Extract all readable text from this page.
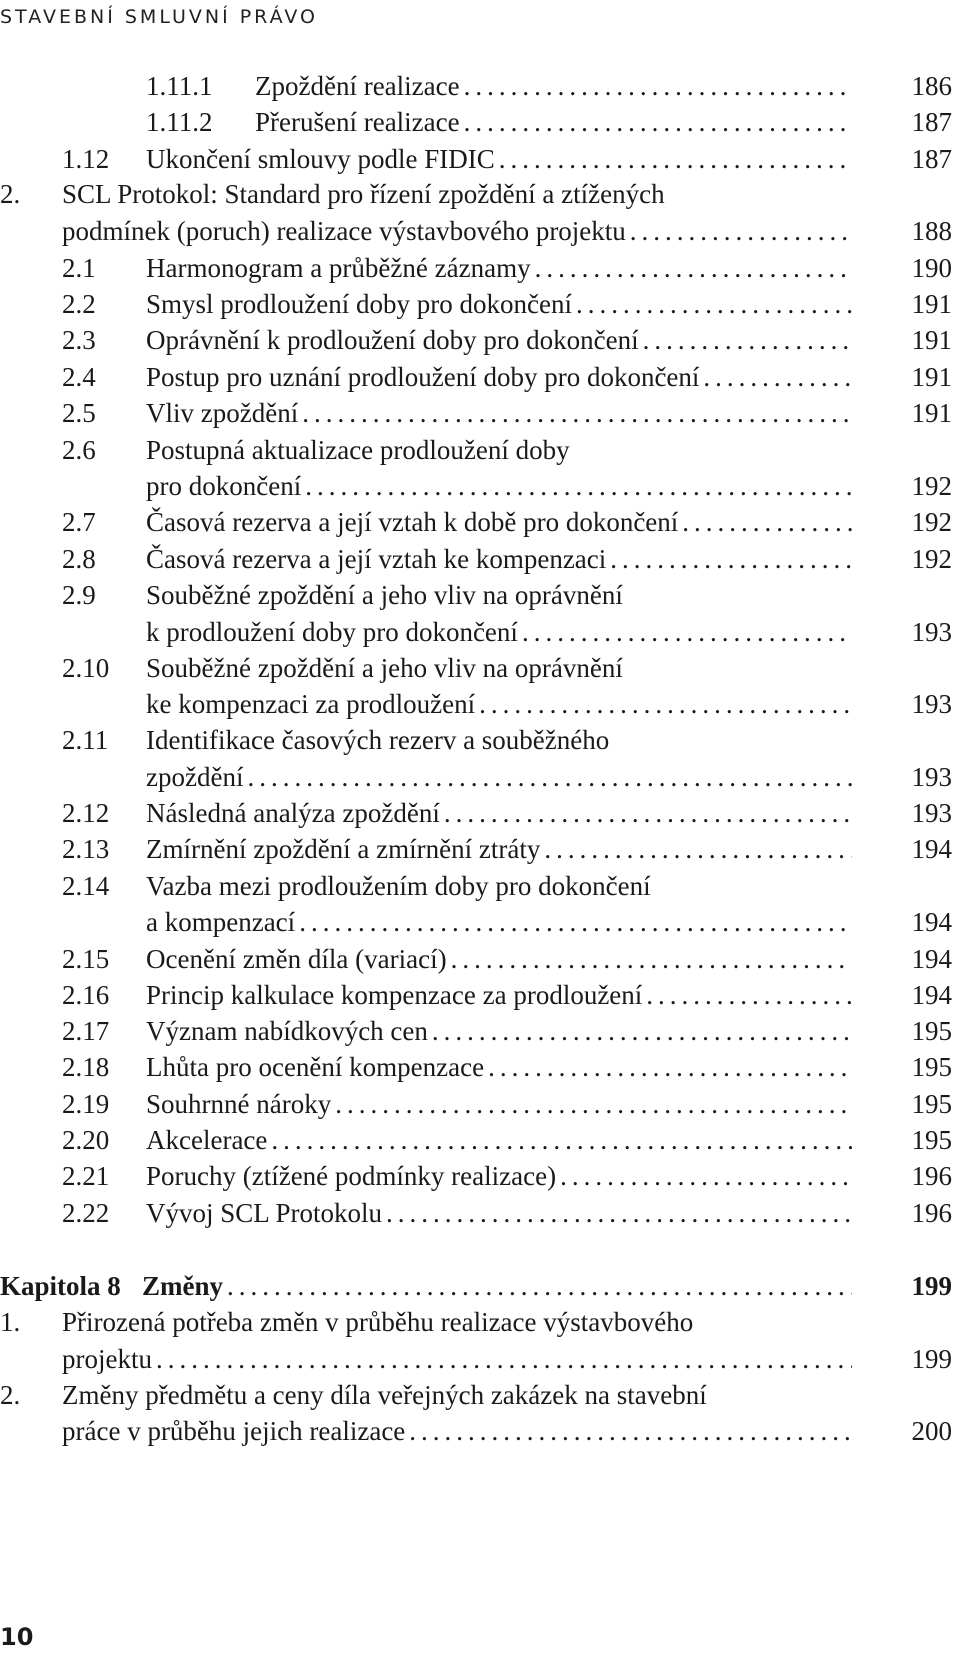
STAVEBNÍ SMLUVNÍ PRÁVO
1.11.1 Zpoždění realizace .....	186
1.11.2 Přerušení realizace .....	187
1.12 Ukončení smlouvy podle FIDIC .....	187
2. SCL Protokol: Standard pro řízení zpoždění a ztížených
podmínek (poruch) realizace výstavbového projektu .....	188
2.1 Harmonogram a průběžné záznamy .....	190
2.2 Smysl prodloužení doby pro dokončení .....	191
2.3 Oprávnění k prodloužení doby pro dokončení .....	191
2.4 Postup pro uznání prodloužení doby pro dokončení .....	191
2.5 Vliv zpoždění .....	191
2.6 Postupná aktualizace prodloužení doby
pro dokončení .....	192
2.7 Časová rezerva a její vztah k době pro dokončení .....	192
2.8 Časová rezerva a její vztah ke kompenzaci .....	192
2.9 Souběžné zpoždění a jeho vliv na oprávnění
k prodloužení doby pro dokončení .....	193
2.10 Souběžné zpoždění a jeho vliv na oprávnění
ke kompenzaci za prodloužení .....	193
2.11 Identifikace časových rezerv a souběžného
zpoždění .....	193
2.12 Následná analýza zpoždění .....	193
2.13 Zmírnění zpoždění a zmírnění ztráty .....	194
2.14 Vazba mezi prodloužením doby pro dokončení
a kompenzací .....	194
2.15 Ocenění změn díla (variací) .....	194
2.16 Princip kalkulace kompenzace za prodloužení .....	194
2.17 Význam nabídkových cen .....	195
2.18 Lhůta pro ocenění kompenzace .....	195
2.19 Souhrnné nároky .....	195
2.20 Akcelerace .....	195
2.21 Poruchy (ztížené podmínky realizace) .....	196
2.22 Vývoj SCL Protokolu .....	196
Kapitola 8 Změny .....	199
1. Přirozená potřeba změn v průběhu realizace výstavbového
projektu .....	199
2. Změny předmětu a ceny díla veřejných zakázek na stavební
práce v průběhu jejich realizace .....	200
10
